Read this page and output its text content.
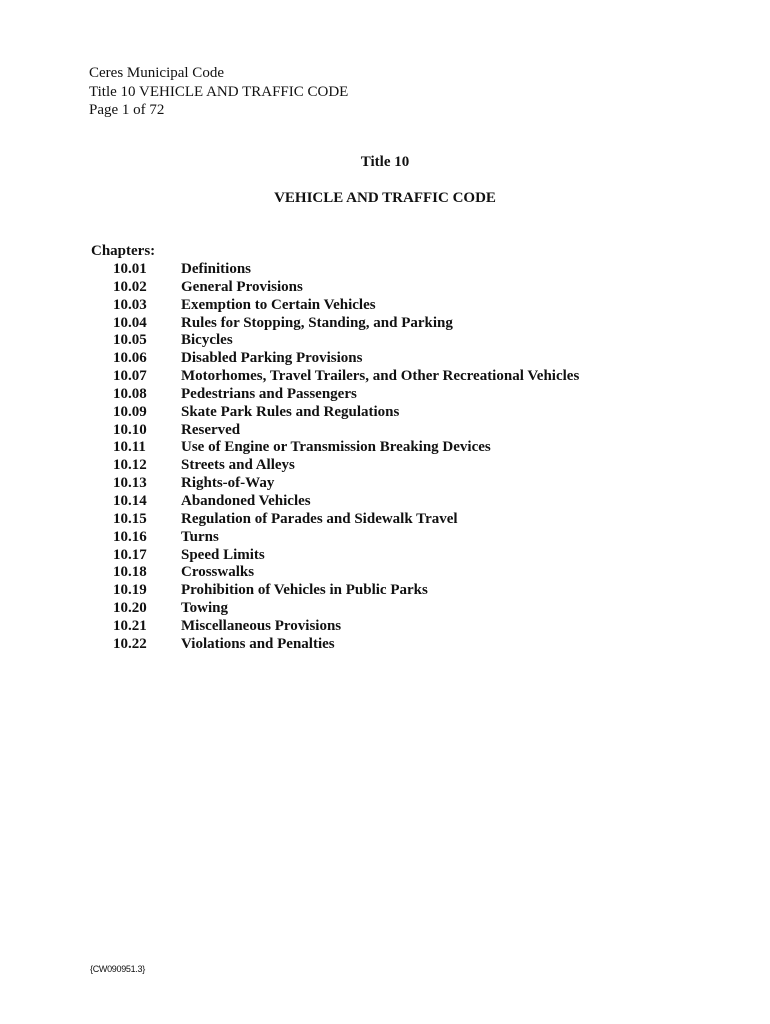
Ceres Municipal Code
Title 10 VEHICLE AND TRAFFIC CODE
Page 1 of 72
Title 10
VEHICLE AND TRAFFIC CODE
Chapters:
10.01	Definitions
10.02	General Provisions
10.03	Exemption to Certain Vehicles
10.04	Rules for Stopping, Standing, and Parking
10.05	Bicycles
10.06	Disabled Parking Provisions
10.07	Motorhomes, Travel Trailers, and Other Recreational Vehicles
10.08	Pedestrians and Passengers
10.09	Skate Park Rules and Regulations
10.10	Reserved
10.11	Use of Engine or Transmission Breaking Devices
10.12	Streets and Alleys
10.13	Rights-of-Way
10.14	Abandoned Vehicles
10.15	Regulation of Parades and Sidewalk Travel
10.16	Turns
10.17	Speed Limits
10.18	Crosswalks
10.19	Prohibition of Vehicles in Public Parks
10.20	Towing
10.21	Miscellaneous Provisions
10.22	Violations and Penalties
{CW090951.3}
